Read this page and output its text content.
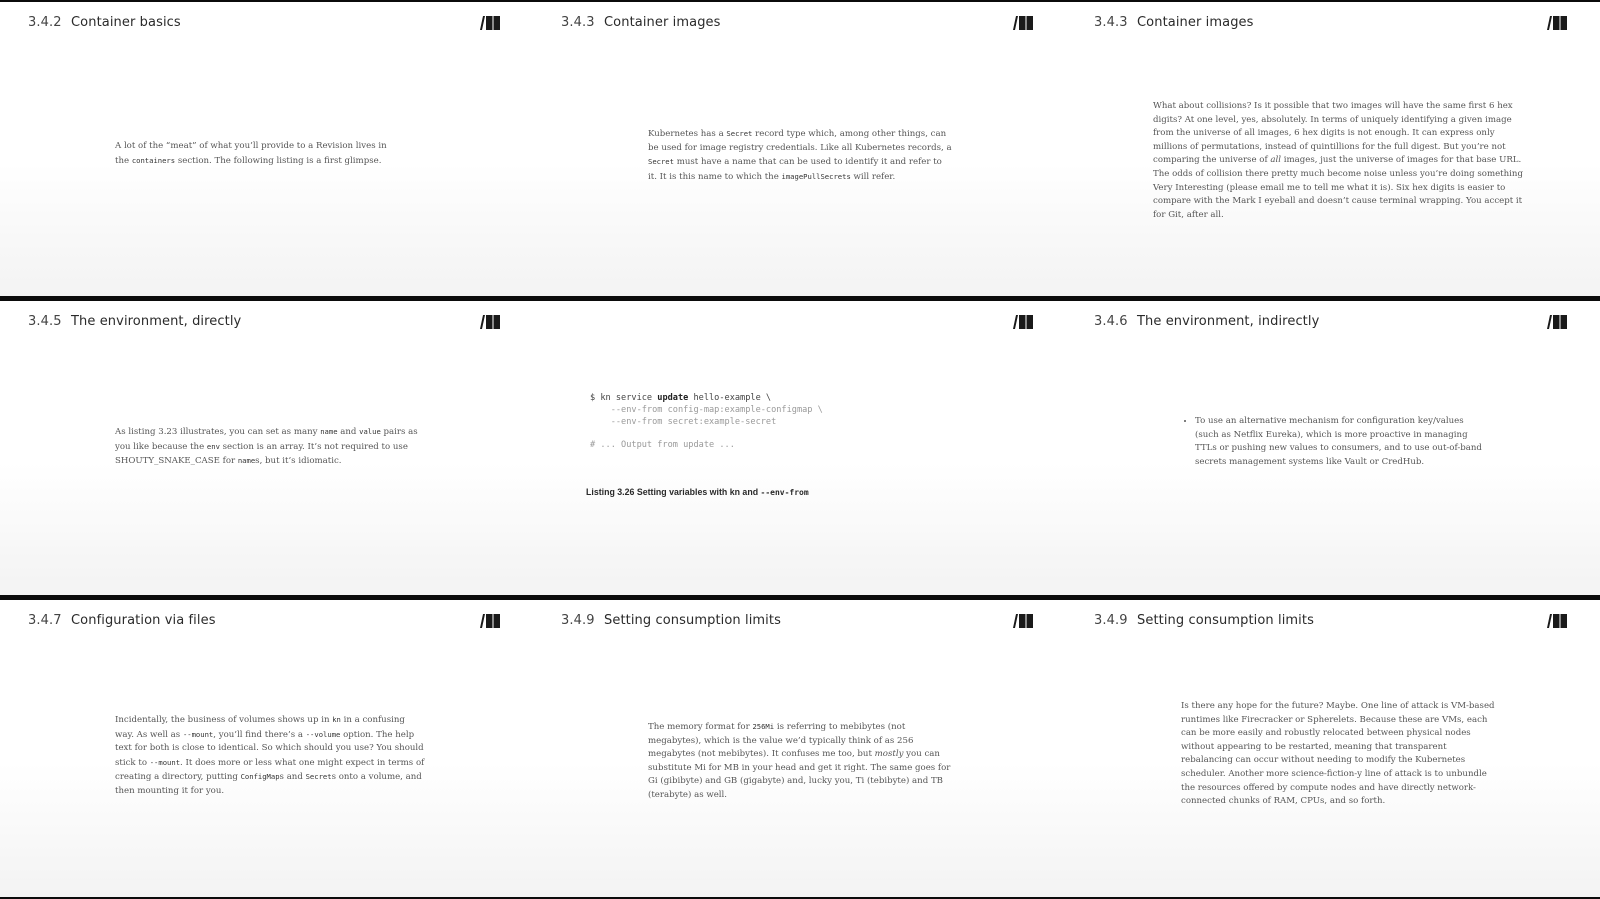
3.4.2 Container basics
A lot of the “meat” of what you’ll provide to a Revision lives in the containers section. The following listing is a first glimpse.
3.4.3 Container images
Kubernetes has a Secret record type which, among other things, can be used for image registry credentials. Like all Kubernetes records, a Secret must have a name that can be used to identify it and refer to it. It is this name to which the imagePullSecrets will refer.
3.4.3 Container images
What about collisions? Is it possible that two images will have the same first 6 hex digits? At one level, yes, absolutely. In terms of uniquely identifying a given image from the universe of all images, 6 hex digits is not enough. It can express only millions of permutations, instead of quintillions for the full digest. But you’re not comparing the universe of all images, just the universe of images for that base URL. The odds of collision there pretty much become noise unless you’re doing something Very Interesting (please email me to tell me what it is). Six hex digits is easier to compare with the Mark I eyeball and doesn’t cause terminal wrapping. You accept it for Git, after all.
3.4.5 The environment, directly
As listing 3.23 illustrates, you can set as many name and value pairs as you like because the env section is an array. It’s not required to use SHOUTY_SNAKE_CASE for names, but it’s idiomatic.
$ kn service update hello-example \
--env-from config-map:example-configmap \
--env-from secret:example-secret

# ... Output from update ...
Listing 3.26 Setting variables with kn and --env-from
3.4.6 The environment, indirectly
• To use an alternative mechanism for configuration key/values (such as Netflix Eureka), which is more proactive in managing TTLs or pushing new values to consumers, and to use out-of-band secrets management systems like Vault or CredHub.
3.4.7 Configuration via files
Incidentally, the business of volumes shows up in kn in a confusing way. As well as --mount, you’ll find there’s a --volume option. The help text for both is close to identical. So which should you use? You should stick to --mount. It does more or less what one might expect in terms of creating a directory, putting ConfigMaps and Secrets onto a volume, and then mounting it for you.
3.4.9 Setting consumption limits
The memory format for 256Mi is referring to mebibytes (not megabytes), which is the value we’d typically think of as 256 megabytes (not mebibytes). It confuses me too, but mostly you can substitute Mi for MB in your head and get it right. The same goes for Gi (gibibyte) and GB (gigabyte) and, lucky you, Ti (tebibyte) and TB (terabyte) as well.
3.4.9 Setting consumption limits
Is there any hope for the future? Maybe. One line of attack is VM-based runtimes like Firecracker or Spherelets. Because these are VMs, each can be more easily and robustly relocated between physical nodes without appearing to be restarted, meaning that transparent rebalancing can occur without needing to modify the Kubernetes scheduler. Another more science-fiction-y line of attack is to unbundle the resources offered by compute nodes and have directly network-connected chunks of RAM, CPUs, and so forth.
